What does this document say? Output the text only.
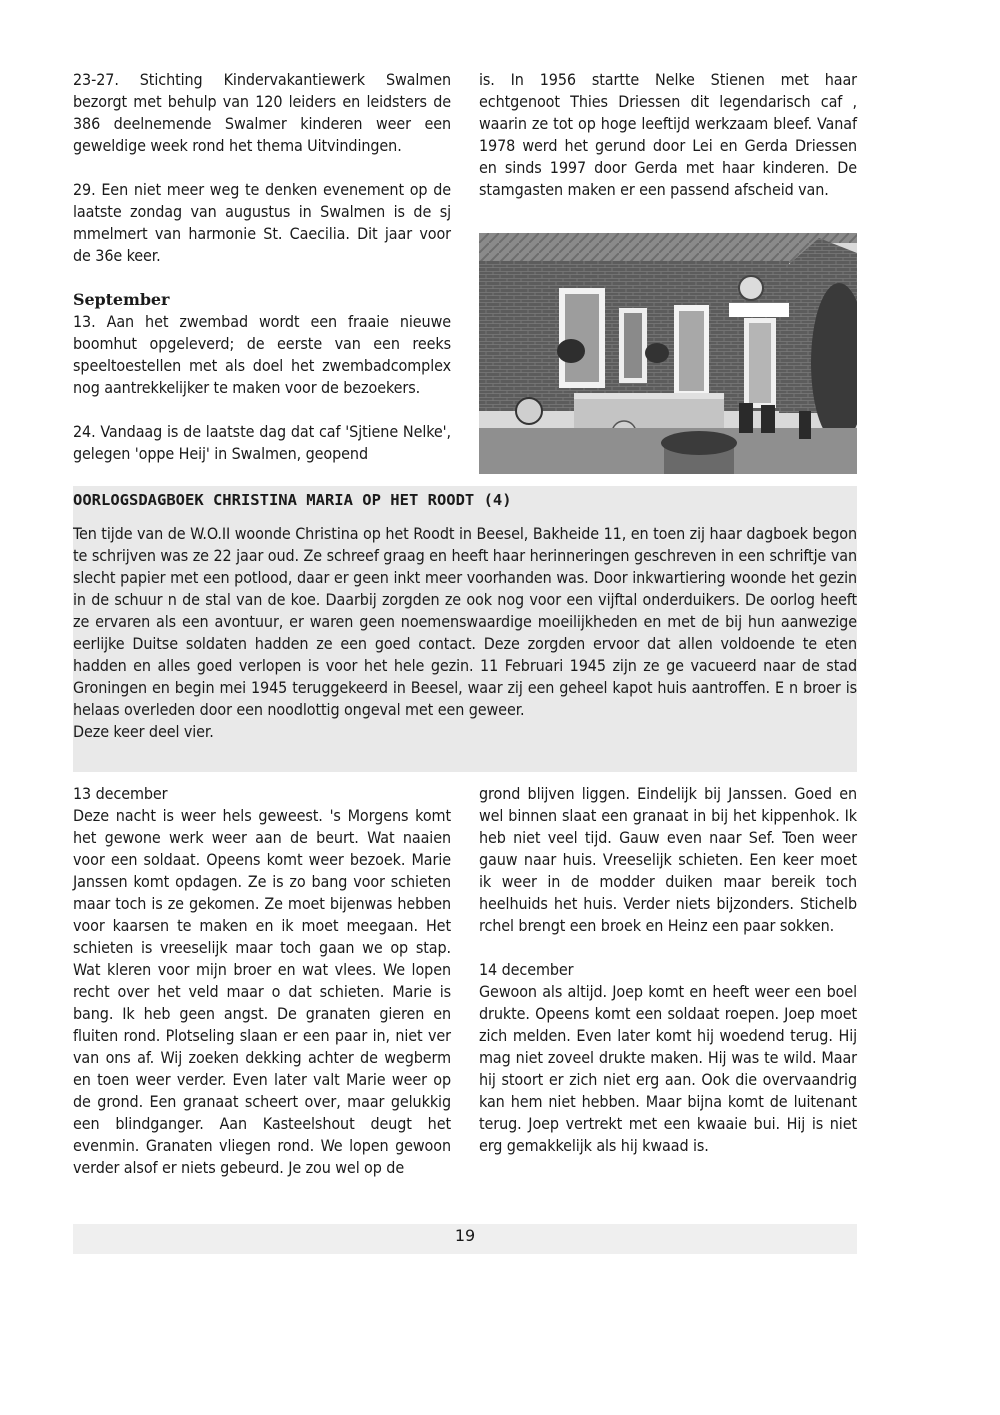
23-27. Stichting Kindervakantiewerk Swalmen bezorgt met behulp van 120 leiders en leidsters de 386 deelnemende Swalmer kinderen weer een geweldige week rond het thema Uitvindingen.

29. Een niet meer weg te denken evenement op de laatste zondag van augustus in Swalmen is de sj mmelmert van harmonie St. Caecilia. Dit jaar voor de 36e keer.

September

13. Aan het zwembad wordt een fraaie nieuwe boomhut opgeleverd; de eerste van een reeks speeltoestellen met als doel het zwembadcomplex nog aantrekkelijker te maken voor de bezoekers.

24. Vandaag is de laatste dag dat caf 'Sjtiene Nelke', gelegen 'oppe Heij' in Swalmen, geopend

is. In 1956 startte Nelke Stienen met haar echtgenoot Thies Driessen dit legendarisch caf , waarin ze tot op hoge leeftijd werkzaam bleef. Vanaf 1978 werd het gerund door Lei en Gerda Driessen en sinds 1997 door Gerda met haar kinderen. De stamgasten maken er een passend afscheid van.

OORLOGSDAGBOEK CHRISTINA MARIA OP HET ROODT (4)

Ten tijde van de W.O.II woonde Christina op het Roodt in Beesel, Bakheide 11, en toen zij haar dagboek begon te schrijven was ze 22 jaar oud. Ze schreef graag en heeft haar herinneringen geschreven in een schriftje van slecht papier met een potlood, daar er geen inkt meer voorhanden was. Door inkwartiering woonde het gezin in de schuur n de stal van de koe. Daarbij zorgden ze ook nog voor een vijftal onderduikers. De oorlog heeft ze ervaren als een avontuur, er waren geen noemenswaardige moeilijkheden en met de bij hun aanwezige eerlijke Duitse soldaten hadden ze een goed contact. Deze zorgden ervoor dat allen voldoende te eten hadden en alles goed verlopen is voor het hele gezin. 11 Februari 1945 zijn ze ge vacueerd naar de stad Groningen en begin mei 1945 teruggekeerd in Beesel, waar zij een geheel kapot huis aantroffen. E n broer is helaas overleden door een noodlottig ongeval met een geweer.

Deze keer deel vier.

13 december

Deze nacht is weer hels geweest. 's Morgens komt het gewone werk weer aan de beurt. Wat naaien voor een soldaat. Opeens komt weer bezoek. Marie Janssen komt opdagen. Ze is zo bang voor schieten maar toch is ze gekomen. Ze moet bijenwas hebben voor kaarsen te maken en ik moet meegaan. Het schieten is vreeselijk maar toch gaan we op stap. Wat kleren voor mijn broer en wat vlees. We lopen recht over het veld maar o dat schieten. Marie is bang. Ik heb geen angst. De granaten gieren en fluiten rond. Plotseling slaan er een paar in, niet ver van ons af. Wij zoeken dekking achter de wegberm en toen weer verder. Even later valt Marie weer op de grond. Een granaat scheert over, maar gelukkig een blindganger. Aan Kasteelshout deugt het evenmin. Granaten vliegen rond. We lopen gewoon verder alsof er niets gebeurd. Je zou wel op de

grond blijven liggen. Eindelijk bij Janssen. Goed en wel binnen slaat een granaat in bij het kippenhok. Ik heb niet veel tijd. Gauw even naar Sef. Toen weer gauw naar huis. Vreeselijk schieten. Een keer moet ik weer in de modder duiken maar bereik toch heelhuids het huis. Verder niets bijzonders. Stichelb rchel brengt een broek en Heinz een paar sokken.

14 december

Gewoon als altijd. Joep komt en heeft weer een boel drukte. Opeens komt een soldaat roepen. Joep moet zich melden. Even later komt hij woedend terug. Hij mag niet zoveel drukte maken. Hij was te wild. Maar hij stoort er zich niet erg aan. Ook die overvaandrig kan hem niet hebben. Maar bijna komt de luitenant terug. Joep vertrekt met een kwaaie bui. Hij is niet erg gemakkelijk als hij kwaad is.

19
